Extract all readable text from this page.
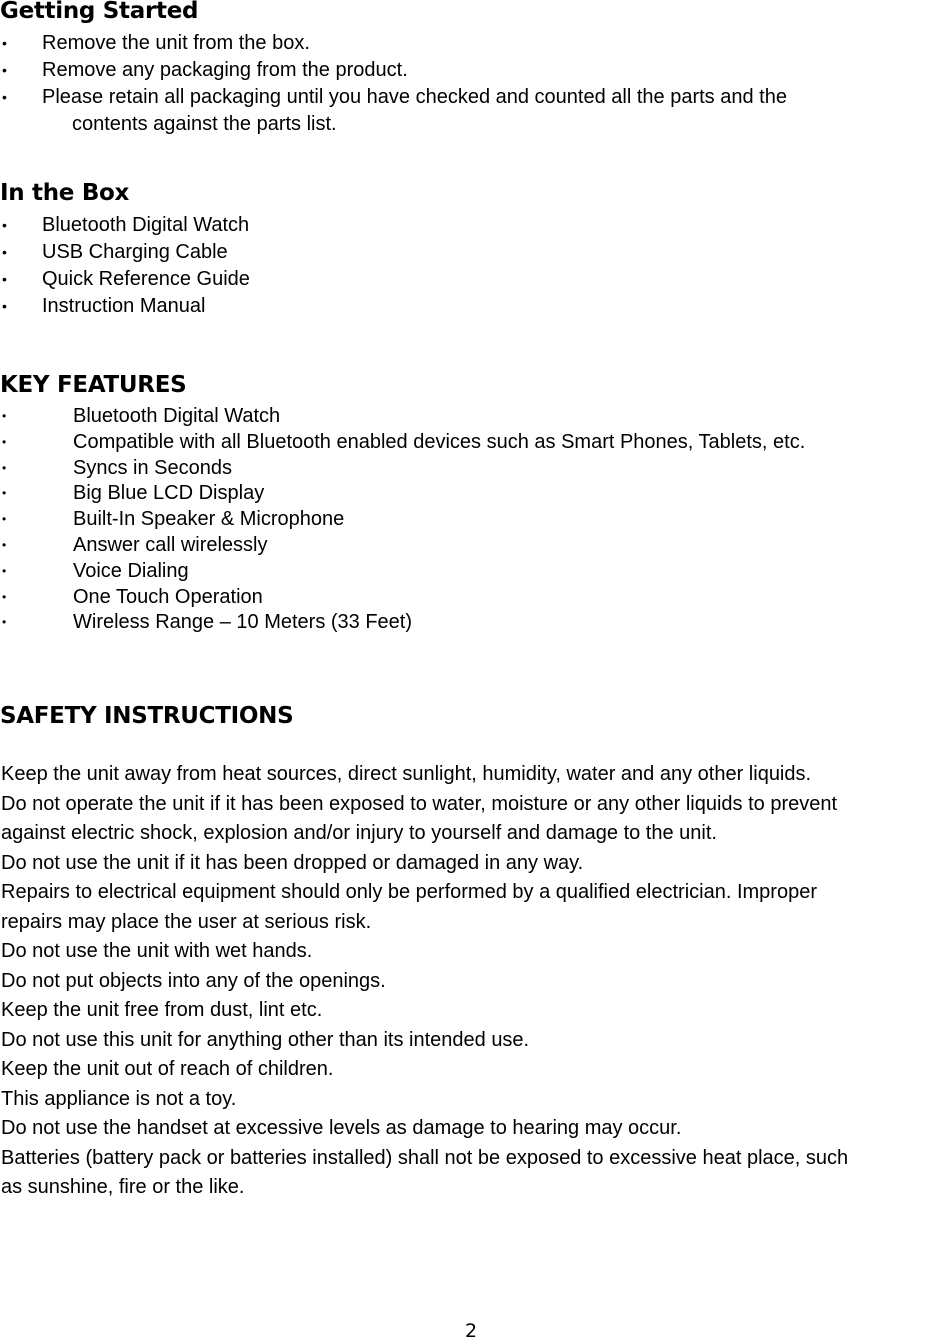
Getting Started
• Remove the unit from the box.
• Remove any packaging from the product.
• Please retain all packaging until you have checked and counted all the parts and the
contents against the parts list.
In the Box
• Bluetooth Digital Watch
• USB Charging Cable
• Quick Reference Guide
• Instruction Manual
KEY FEATURES
•	Bluetooth Digital Watch
•	Compatible with all Bluetooth enabled devices such as Smart Phones, Tablets, etc.
•	Syncs in Seconds
•	Big Blue LCD Display
•	Built-In Speaker & Microphone
•	Answer call wirelessly
•	Voice Dialing
•	One Touch Operation
•	Wireless Range – 10 Meters (33 Feet)
SAFETY INSTRUCTIONS

Keep the unit away from heat sources, direct sunlight, humidity, water and any other liquids.

Do not operate the unit if it has been exposed to water, moisture or any other liquids to prevent

against electric shock, explosion and/or injury to yourself and damage to the unit.

Do not use the unit if it has been dropped or damaged in any way.

Repairs to electrical equipment should only be performed by a qualified electrician. Improper

repairs may place the user at serious risk.

Do not use the unit with wet hands.

Do not put objects into any of the openings.

Keep the unit free from dust, lint etc.

Do not use this unit for anything other than its intended use.

Keep the unit out of reach of children.

This appliance is not a toy.

Do not use the handset at excessive levels as damage to hearing may occur.

Batteries (battery pack or batteries installed) shall not be exposed to excessive heat place, such

as sunshine, fire or the like.

2
